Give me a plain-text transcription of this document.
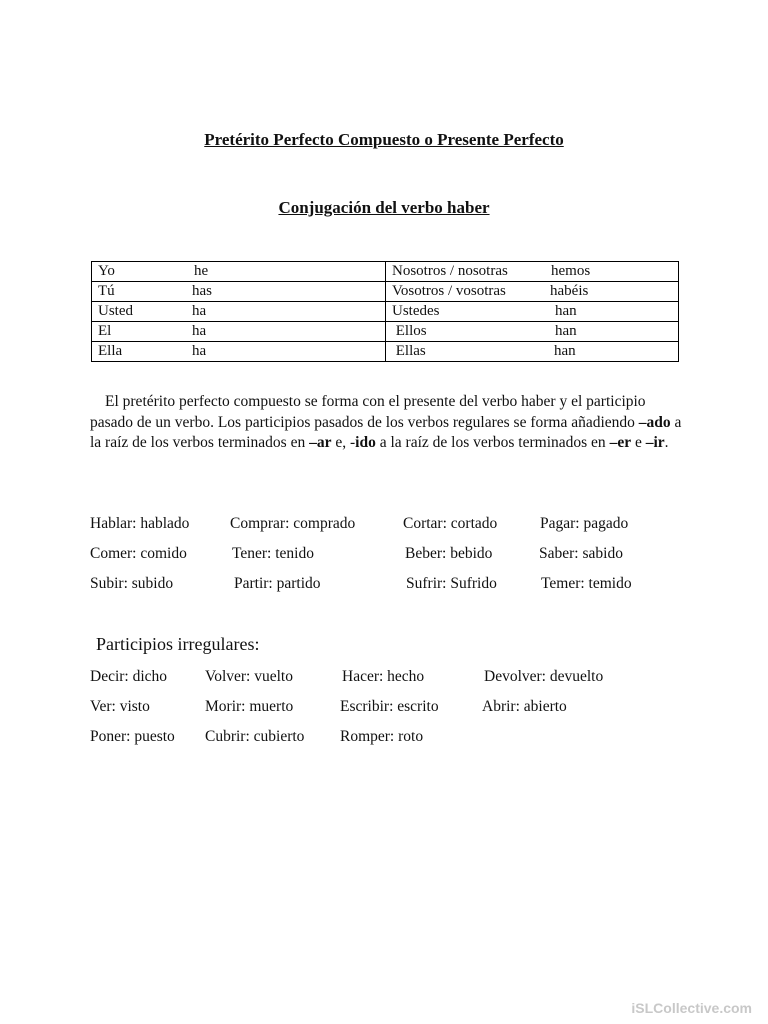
Pretérito Perfecto Compuesto o Presente Perfecto
Conjugación del verbo haber
Yo he	Nosotros / nosotras hemos

Tú has	Vosotros / vosotras habéis

Usted ha	Ustedes han

El ha	Ellos han

Ella ha	Ellas han
El pretérito perfecto compuesto se forma con el presente del verbo haber y el participio pasado de un verbo. Los participios pasados de los verbos regulares se forma añadiendo –ado a la raíz de los verbos terminados en –ar e, -ido a la raíz de los verbos terminados en –er e –ir.
Hablar: hablado	Comprar: comprado	Cortar: cortado	Pagar: pagado
Comer: comido	Tener: tenido	Beber: bebido	Saber: sabido
Subir: subido	Partir: partido	Sufrir: Sufrido	Temer: temido
Participios irregulares:
Decir: dicho Volver: vuelto	Hacer: hecho	Devolver: devuelto
Ver: visto	Morir: muerto	Escribir: escrito	Abrir: abierto
Poner: puesto Cubrir: cubierto Romper: roto
iSLCollective.com
